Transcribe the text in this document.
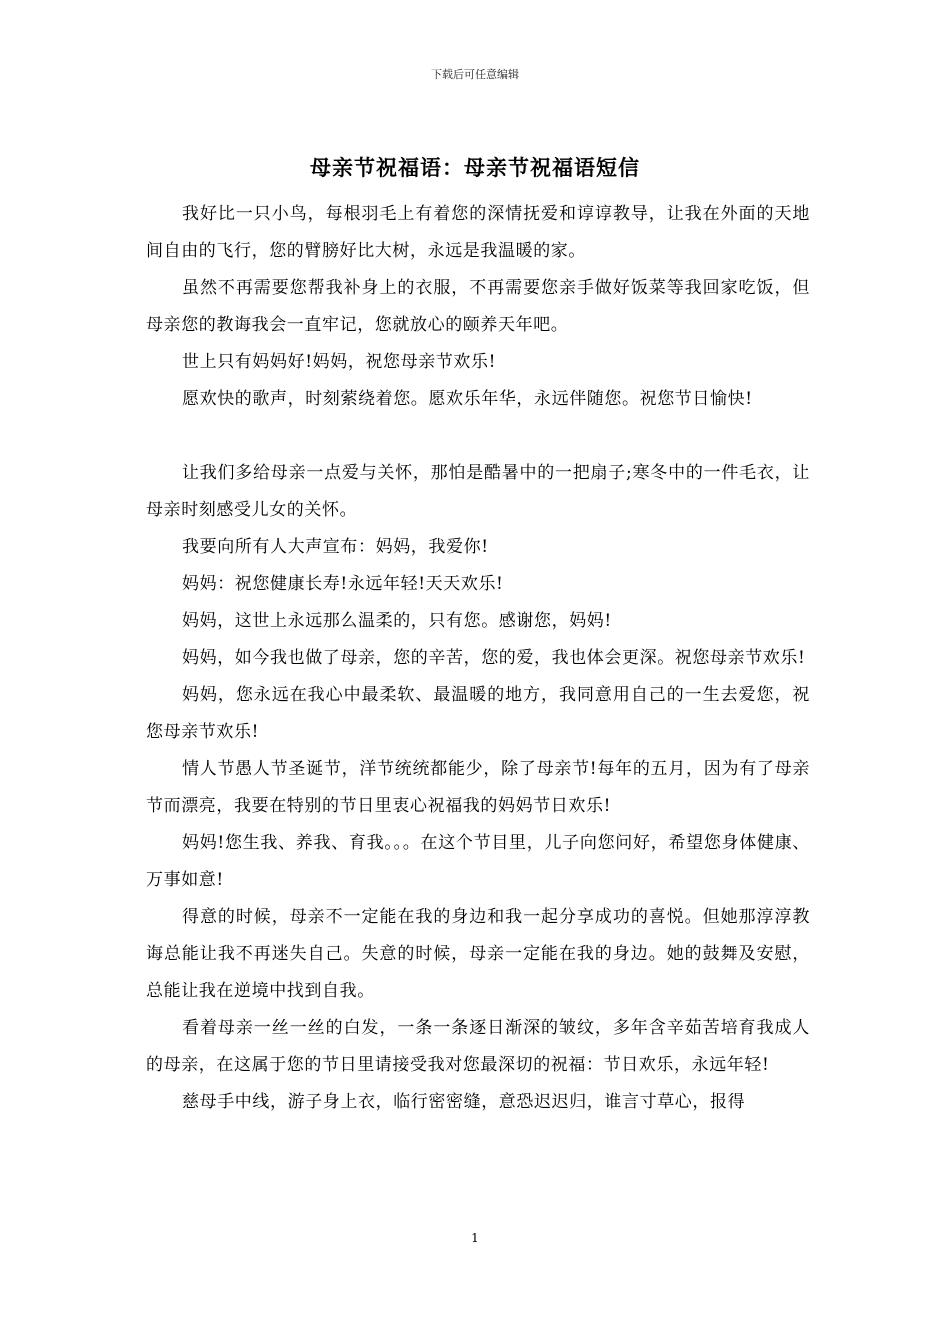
下载后可任意编辑
母亲节祝福语：母亲节祝福语短信

我好比一只小鸟，每根羽毛上有着您的深情抚爱和谆谆教导，让我在外面的天地间自由的飞行，您的臂膀好比大树，永远是我温暖的家。

虽然不再需要您帮我补身上的衣服，不再需要您亲手做好饭菜等我回家吃饭，但母亲您的教诲我会一直牢记，您就放心的颐养天年吧。

世上只有妈妈好!妈妈，祝您母亲节欢乐!

愿欢快的歌声，时刻萦绕着您。愿欢乐年华，永远伴随您。祝您节日愉快!

让我们多给母亲一点爱与关怀，那怕是酷暑中的一把扇子;寒冬中的一件毛衣，让母亲时刻感受儿女的关怀。

我要向所有人大声宣布：妈妈，我爱你!

妈妈：祝您健康长寿!永远年轻!天天欢乐!

妈妈，这世上永远那么温柔的，只有您。感谢您，妈妈!

妈妈，如今我也做了母亲，您的辛苦，您的爱，我也体会更深。祝您母亲节欢乐!

妈妈，您永远在我心中最柔软、最温暖的地方，我同意用自己的一生去爱您，祝您母亲节欢乐!

情人节愚人节圣诞节，洋节统统都能少，除了母亲节!每年的五月，因为有了母亲节而漂亮，我要在特别的节日里衷心祝福我的妈妈节日欢乐!

妈妈!您生我、养我、育我。。。在这个节目里，儿子向您问好，希望您身体健康、万事如意!

得意的时候，母亲不一定能在我的身边和我一起分享成功的喜悦。但她那淳淳教诲总能让我不再迷失自己。失意的时候，母亲一定能在我的身边。她的鼓舞及安慰，总能让我在逆境中找到自我。

看着母亲一丝一丝的白发，一条一条逐日渐深的皱纹，多年含辛茹苦培育我成人的母亲，在这属于您的节日里请接受我对您最深切的祝福：节日欢乐，永远年轻!

慈母手中线，游子身上衣，临行密密缝，意恐迟迟归，谁言寸草心，报得

1
